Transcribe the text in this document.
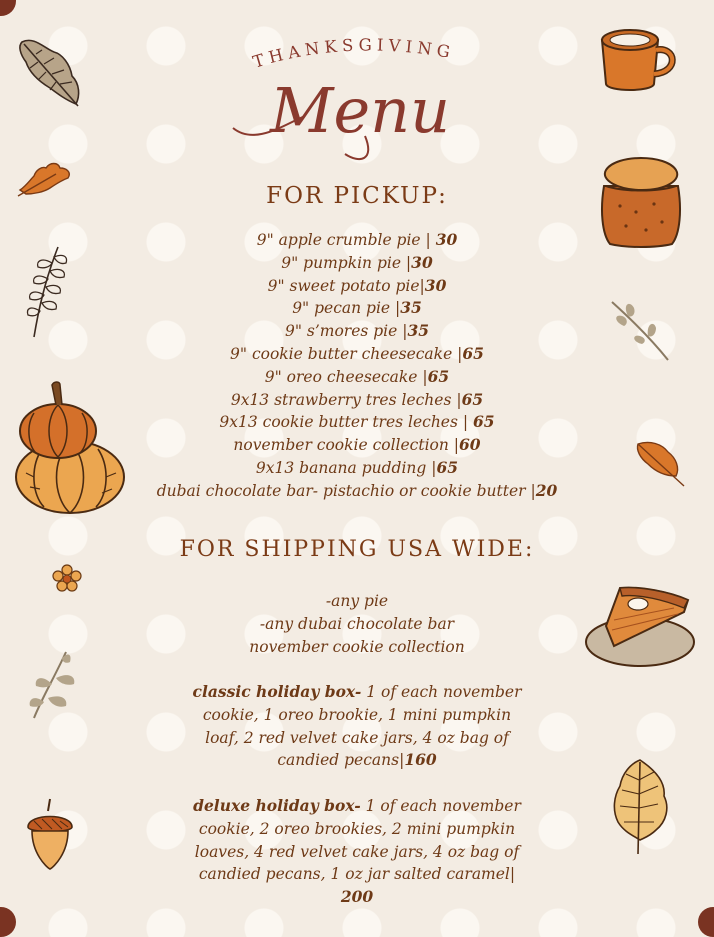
THANKSGIVING
Menu
FOR PICKUP:
9" apple crumble pie | 30
9" pumpkin pie |30
9" sweet potato pie|30
9" pecan pie |35
9" s’mores pie |35
9" cookie butter cheesecake |65
9" oreo cheesecake |65
9x13 strawberry tres leches |65
9x13 cookie butter tres leches | 65
november cookie collection |60
9x13 banana pudding |65
dubai chocolate bar- pistachio or cookie butter |20
FOR SHIPPING USA WIDE:
-any pie
-any dubai chocolate bar
november cookie collection
classic holiday box- 1 of each november
cookie, 1 oreo brookie, 1 mini pumpkin
loaf, 2 red velvet cake jars, 4 oz bag of
candied pecans|160
deluxe holiday box- 1 of each november
cookie, 2 oreo brookies, 2 mini pumpkin
loaves, 4 red velvet cake jars, 4 oz bag of
candied pecans, 1 oz jar salted caramel|
200
